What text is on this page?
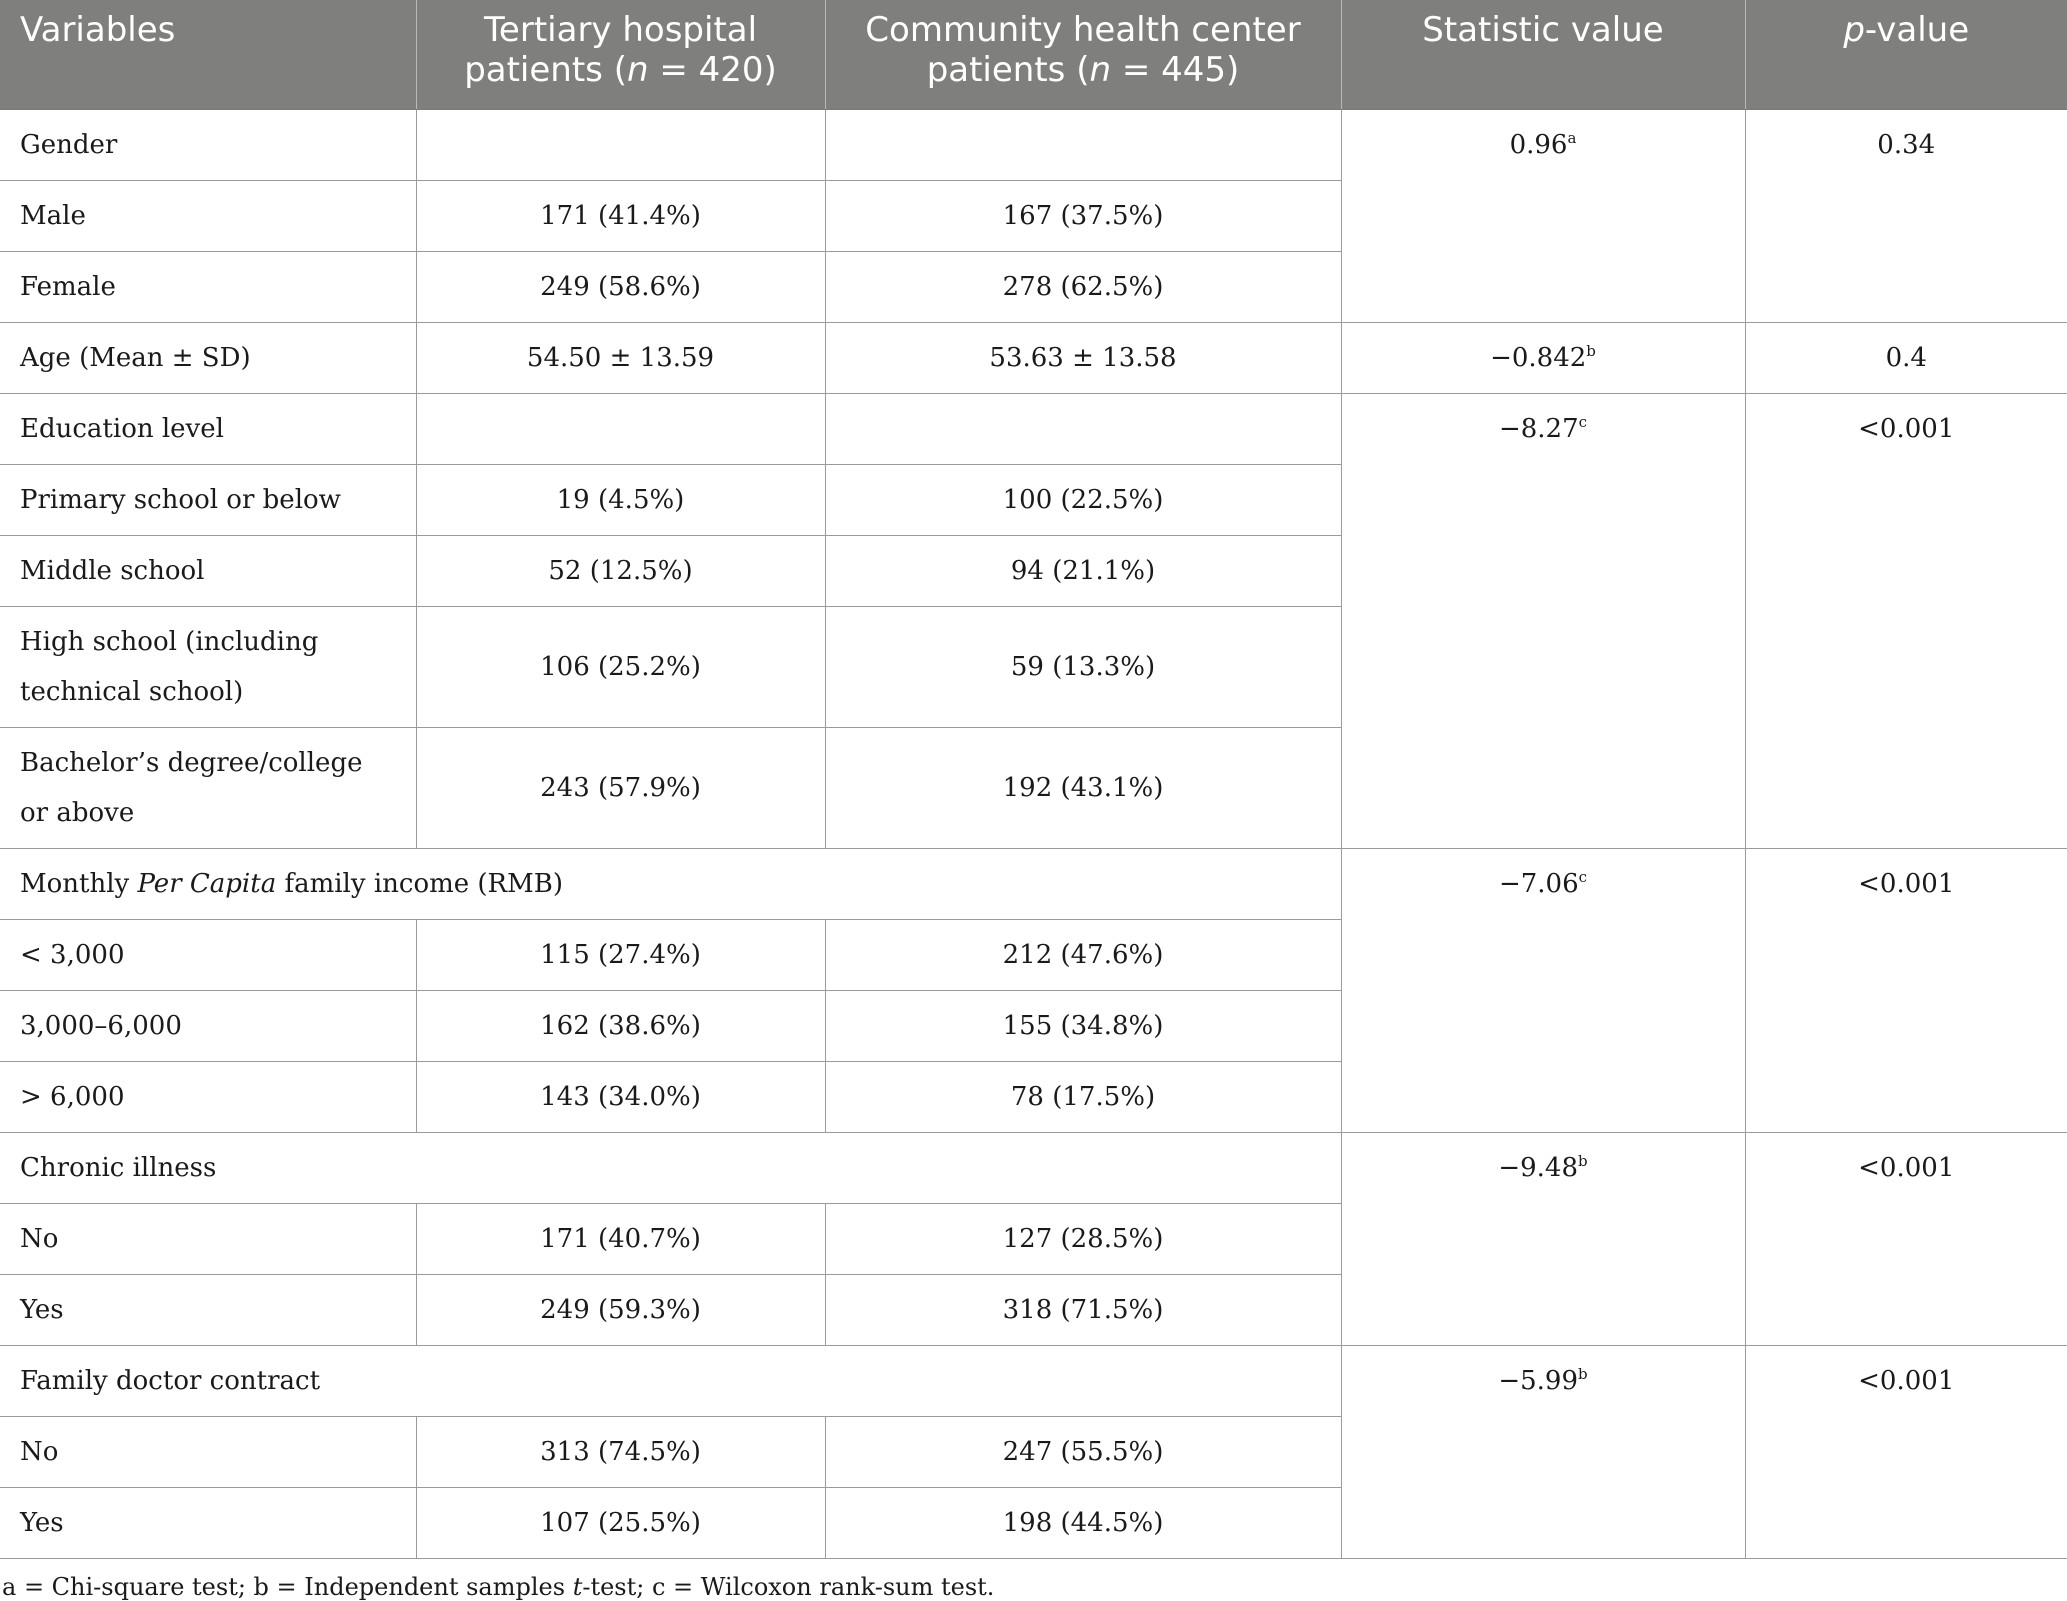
Variables	Tertiary hospital patients (n = 420)	Community health center patients (n = 445)	Statistic value	p-value
Gender			0.96$^a$	0.34
Male	171 (41.4%)	167 (37.5%)		
Female	249 (58.6%)	278 (62.5%)		
Age (Mean ± SD)	54.50 ± 13.59	53.63 ± 13.58	−0.842$^b$	0.4
Education level			−8.27$^c$	<0.001
Primary school or below	19 (4.5%)	100 (22.5%)		
Middle school	52 (12.5%)	94 (21.1%)		
High school (including technical school)	106 (25.2%)	59 (13.3%)		
Bachelor’s degree/college or above	243 (57.9%)	192 (43.1%)		
Monthly Per Capita family income (RMB)			−7.06$^c$	<0.001
< 3,000	115 (27.4%)	212 (47.6%)		
3,000–6,000	162 (38.6%)	155 (34.8%)		
> 6,000	143 (34.0%)	78 (17.5%)		
Chronic illness			−9.48$^b$	<0.001
No	171 (40.7%)	127 (28.5%)		
Yes	249 (59.3%)	318 (71.5%)		
Family doctor contract			−5.99$^b$	<0.001
No	313 (74.5%)	247 (55.5%)		
Yes	107 (25.5%)	198 (44.5%)		
a = Chi-square test; b = Independent samples t-test; c = Wilcoxon rank-sum test.
